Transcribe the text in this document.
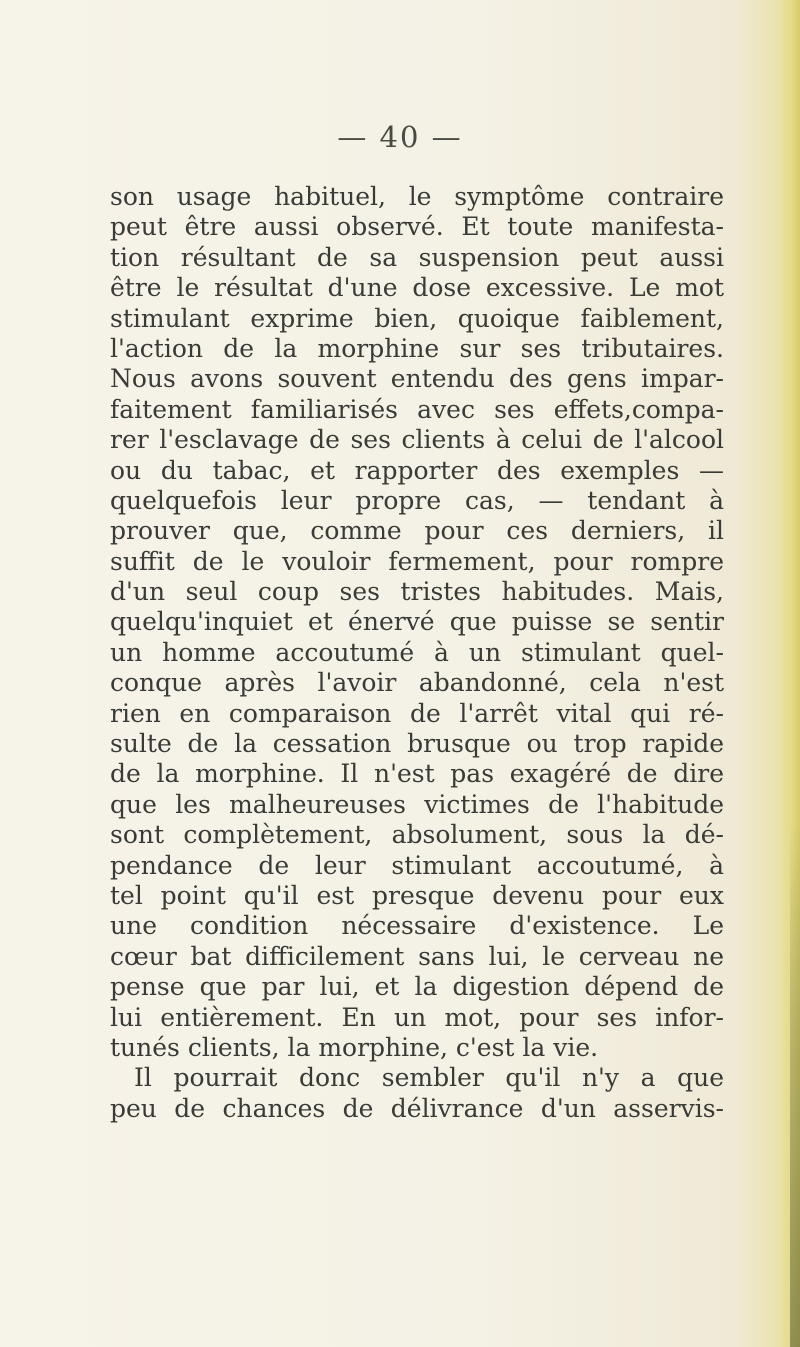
— 40 —
son usage habituel, le symptôme contraire
peut être aussi observé. Et toute manifesta-
tion résultant de sa suspension peut aussi
être le résultat d'une dose excessive. Le mot
stimulant exprime bien, quoique faiblement,
l'action de la morphine sur ses tributaires.
Nous avons souvent entendu des gens impar-
faitement familiarisés avec ses effets,compa-
rer l'esclavage de ses clients à celui de l'alcool
ou du tabac, et rapporter des exemples —
quelquefois leur propre cas, — tendant à
prouver que, comme pour ces derniers, il
suffit de le vouloir fermement, pour rompre
d'un seul coup ses tristes habitudes. Mais,
quelqu'inquiet et énervé que puisse se sentir
un homme accoutumé à un stimulant quel-
conque après l'avoir abandonné, cela n'est
rien en comparaison de l'arrêt vital qui ré-
sulte de la cessation brusque ou trop rapide
de la morphine. Il n'est pas exagéré de dire
que les malheureuses victimes de l'habitude
sont complètement, absolument, sous la dé-
pendance de leur stimulant accoutumé, à
tel point qu'il est presque devenu pour eux
une condition nécessaire d'existence. Le
cœur bat difficilement sans lui, le cerveau ne
pense que par lui, et la digestion dépend de
lui entièrement. En un mot, pour ses infor-
tunés clients, la morphine, c'est la vie.
Il pourrait donc sembler qu'il n'y a que
peu de chances de délivrance d'un asservis-
